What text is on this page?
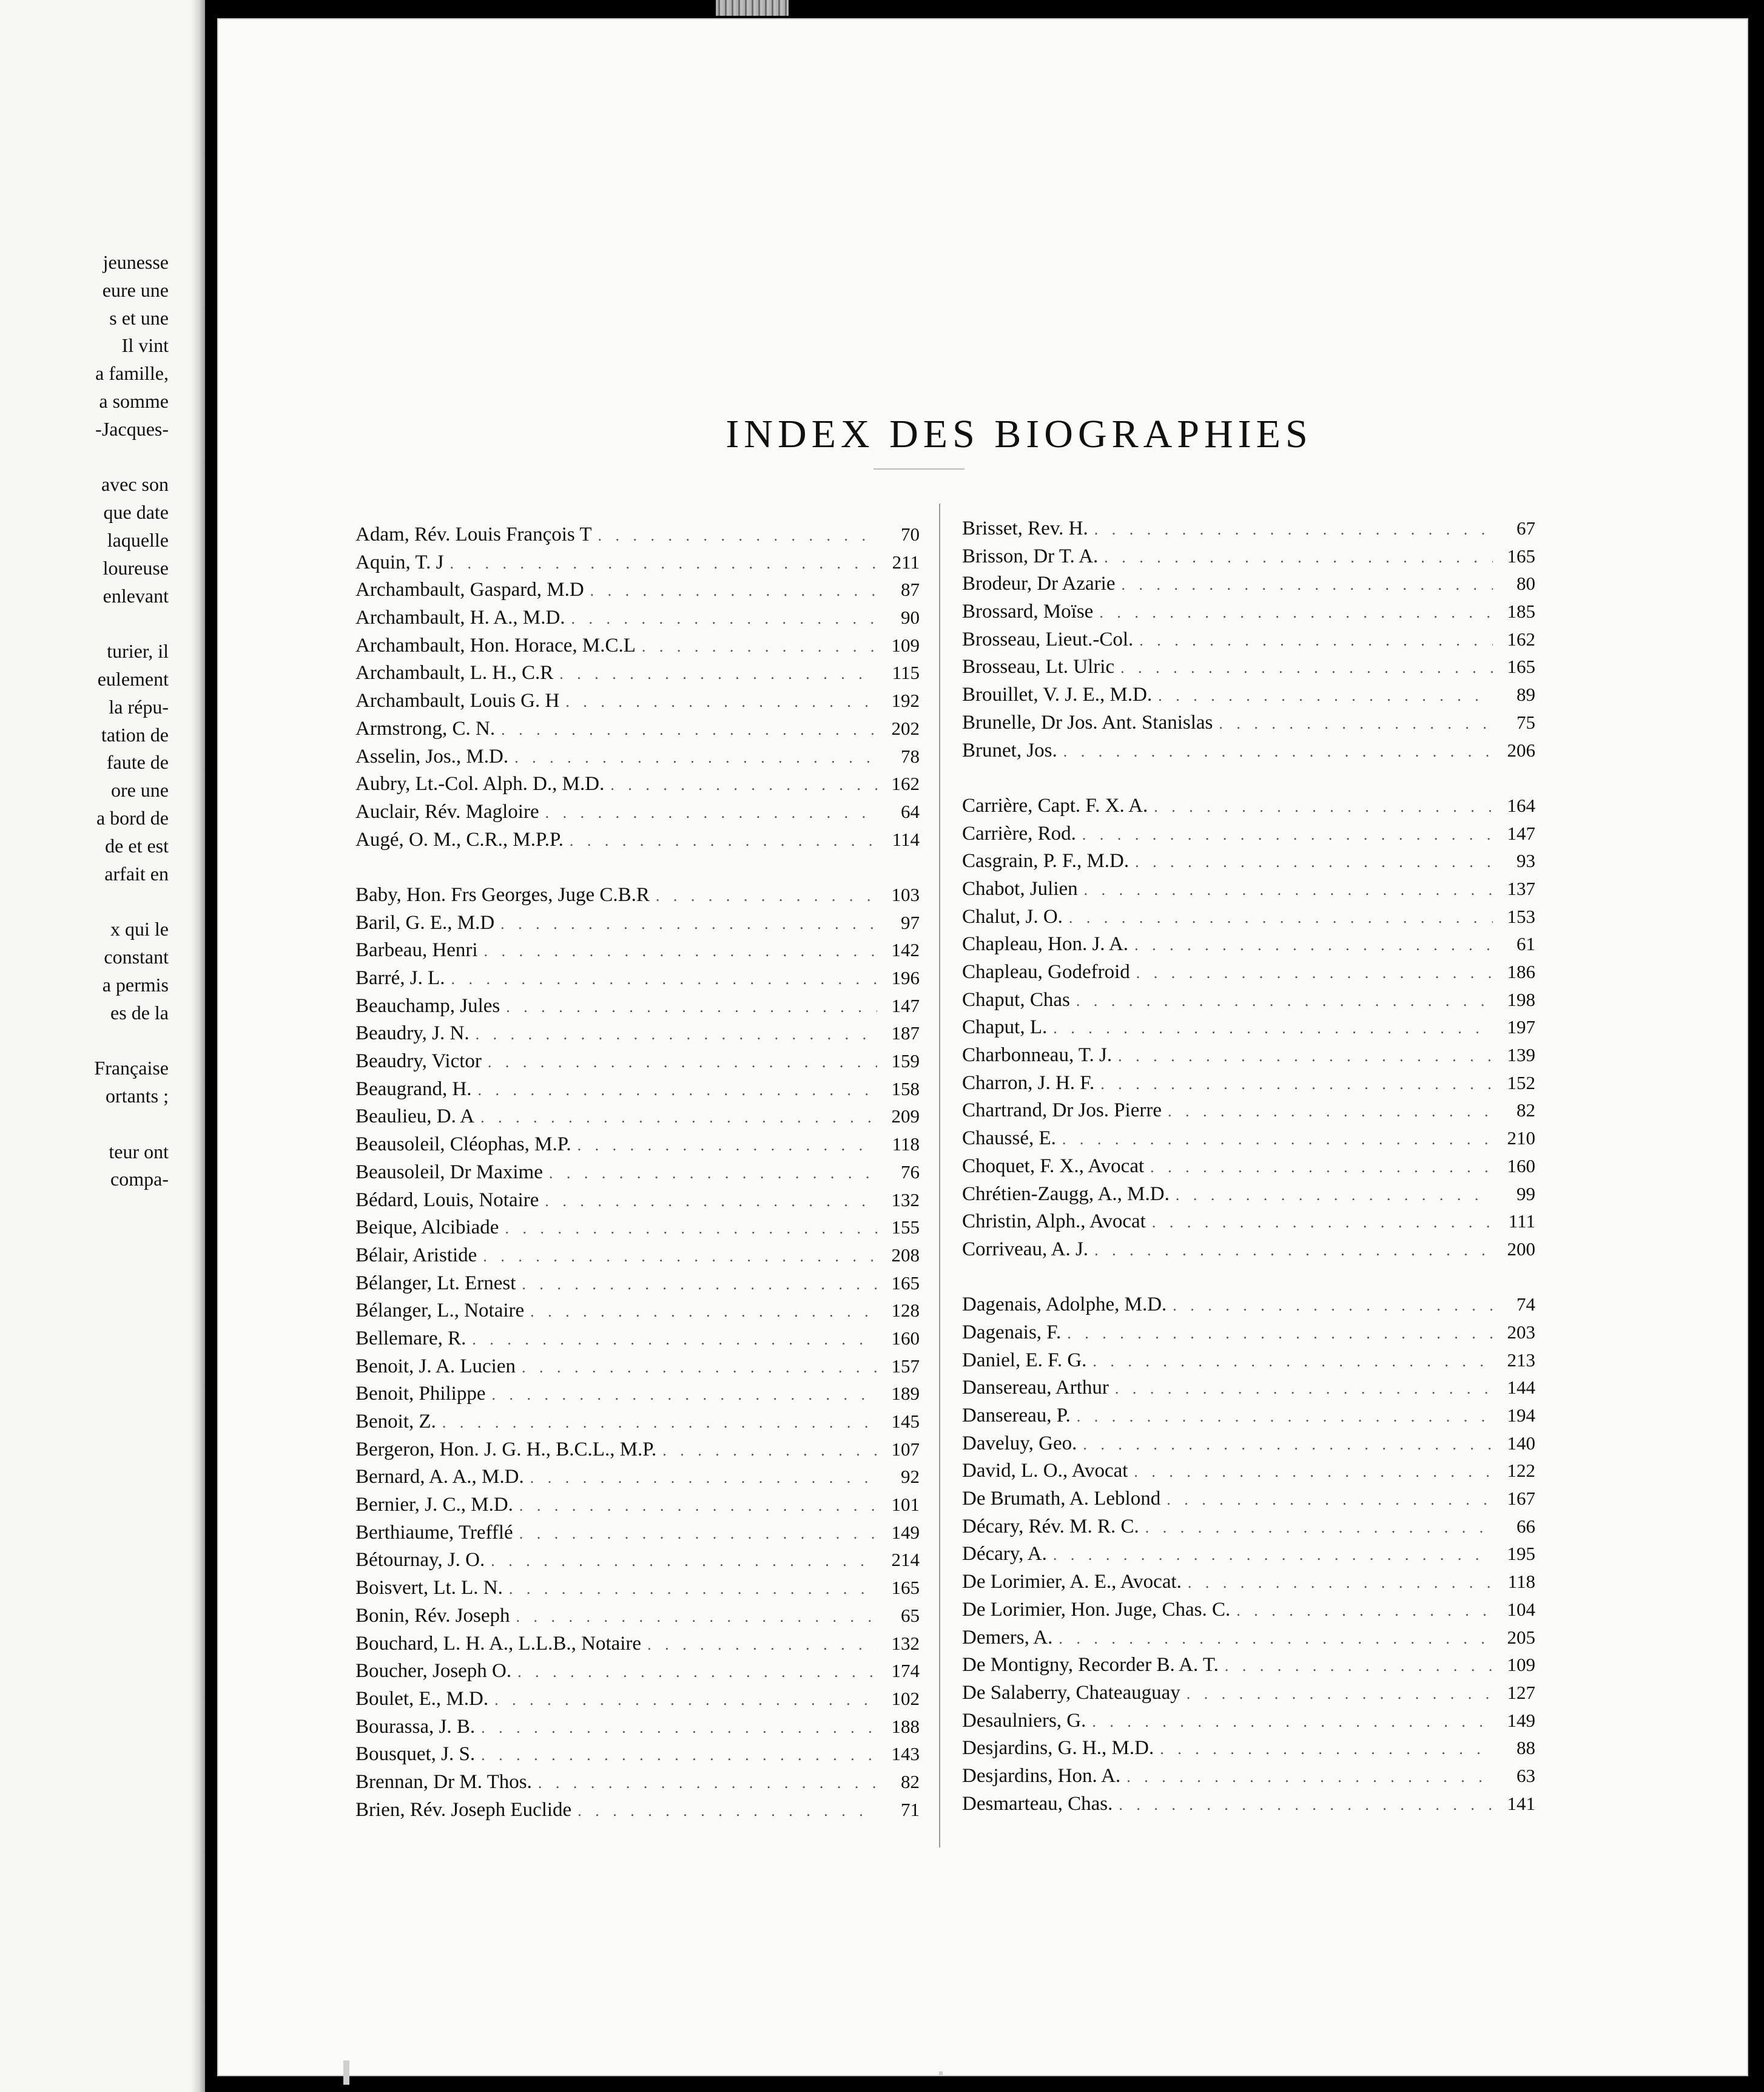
jeunesse
eure une
s et une
Il vint
a famille,
a somme
-Jacques-
avec son
que date
laquelle
loureuse
enlevant
turier, il
eulement
la répu-
tation de
faute de
ore une
a bord de
de et est
arfait en
x qui le
constant
a permis
es de la
Française
ortants ;
teur ont
compa-
INDEX DES BIOGRAPHIES
Adam, Rév. Louis François T . . .	70
Aquin, T. J . . .	211
Archambault, Gaspard, M.D . . .	87
Archambault, H. A., M.D. . . .	90
Archambault, Hon. Horace, M.C.L . . .	109
Archambault, L. H., C.R . . .	115
Archambault, Louis G. H . . .	192
Armstrong, C. N. . . .	202
Asselin, Jos., M.D. . . .	78
Aubry, Lt.-Col. Alph. D., M.D. . . .	162
Auclair, Rév. Magloire . . .	64
Augé, O. M., C.R., M.P.P. . . .	114
Baby, Hon. Frs Georges, Juge C.B.R . . .	103
Baril, G. E., M.D . . .	97
Barbeau, Henri . . .	142
Barré, J. L. . . .	196
Beauchamp, Jules . . .	147
Beaudry, J. N. . . .	187
Beaudry, Victor . . .	159
Beaugrand, H. . . .	158
Beaulieu, D. A . . .	209
Beausoleil, Cléophas, M.P. . . .	118
Beausoleil, Dr Maxime . . .	76
Bédard, Louis, Notaire . . .	132
Beique, Alcibiade . . .	155
Bélair, Aristide . . .	208
Bélanger, Lt. Ernest . . .	165
Bélanger, L., Notaire . . .	128
Bellemare, R. . . .	160
Benoit, J. A. Lucien . . .	157
Benoit, Philippe . . .	189
Benoit, Z. . . .	145
Bergeron, Hon. J. G. H., B.C.L., M.P. . . .	107
Bernard, A. A., M.D. . . .	92
Bernier, J. C., M.D. . . .	101
Berthiaume, Trefflé . . .	149
Bétournay, J. O. . . .	214
Boisvert, Lt. L. N. . . .	165
Bonin, Rév. Joseph . . .	65
Bouchard, L. H. A., L.L.B., Notaire . . .	132
Boucher, Joseph O. . . .	174
Boulet, E., M.D. . . .	102
Bourassa, J. B. . . .	188
Bousquet, J. S. . . .	143
Brennan, Dr M. Thos. . . .	82
Brien, Rév. Joseph Euclide . . .	71
Brisset, Rev. H. . . .	67
Brisson, Dr T. A. . . .	165
Brodeur, Dr Azarie . . .	80
Brossard, Moïse . . .	185
Brosseau, Lieut.-Col. . . .	162
Brosseau, Lt. Ulric . . .	165
Brouillet, V. J. E., M.D. . . .	89
Brunelle, Dr Jos. Ant. Stanislas . . .	75
Brunet, Jos. . . .	206
Carrière, Capt. F. X. A. . . .	164
Carrière, Rod. . . .	147
Casgrain, P. F., M.D. . . .	93
Chabot, Julien . . .	137
Chalut, J. O. . . .	153
Chapleau, Hon. J. A. . . .	61
Chapleau, Godefroid . . .	186
Chaput, Chas . . .	198
Chaput, L. . . .	197
Charbonneau, T. J. . . .	139
Charron, J. H. F. . . .	152
Chartrand, Dr Jos. Pierre . . .	82
Chaussé, E. . . .	210
Choquet, F. X., Avocat . . .	160
Chrétien-Zaugg, A., M.D. . . .	99
Christin, Alph., Avocat . . .	111
Corriveau, A. J. . . .	200
Dagenais, Adolphe, M.D. . . .	74
Dagenais, F. . . .	203
Daniel, E. F. G. . . .	213
Dansereau, Arthur . . .	144
Dansereau, P. . . .	194
Daveluy, Geo. . . .	140
David, L. O., Avocat . . .	122
De Brumath, A. Leblond . . .	167
Décary, Rév. M. R. C. . . .	66
Décary, A. . . .	195
De Lorimier, A. E., Avocat. . . .	118
De Lorimier, Hon. Juge, Chas. C. . . .	104
Demers, A. . . .	205
De Montigny, Recorder B. A. T. . . .	109
De Salaberry, Chateauguay . . .	127
Desaulniers, G. . . .	149
Desjardins, G. H., M.D. . . .	88
Desjardins, Hon. A. . . .	63
Desmarteau, Chas. . . .	141
